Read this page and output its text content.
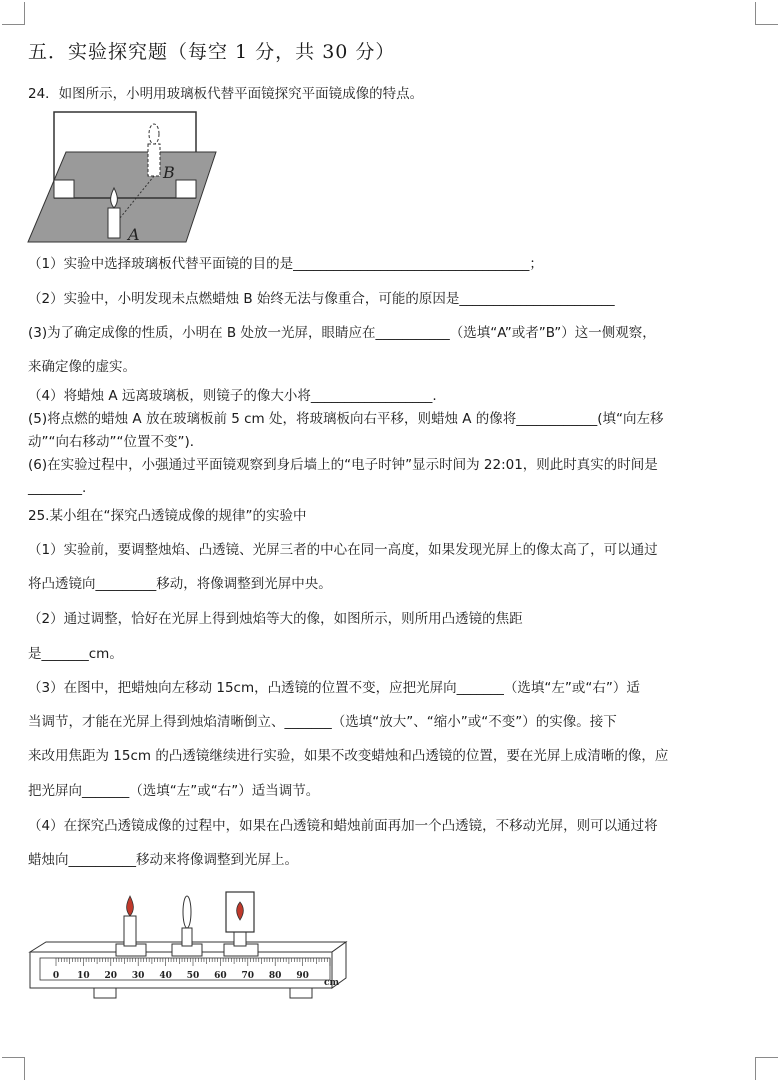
五．实验探究题（每空 1 分，共 30 分）
24．如图所示，小明用玻璃板代替平面镜探究平面镜成像的特点。
B
A
（1）实验中选择玻璃板代替平面镜的目的是___________________________________；
（2）实验中，小明发现未点燃蜡烛 B 始终无法与像重合，可能的原因是_______________________
(3)为了确定成像的性质，小明在 B 处放一光屏，眼睛应在___________（选填“A”或者”B”）这一侧观察，
来确定像的虚实。
（4）将蜡烛 A 远离玻璃板，则镜子的像大小将__________________.
(5)将点燃的蜡烛 A 放在玻璃板前 5 cm 处，将玻璃板向右平移，则蜡烛 A 的像将____________(填“向左移
动”“向右移动”“位置不变”)．
(6)在实验过程中，小强通过平面镜观察到身后墙上的“电子时钟”显示时间为 22:01，则此时真实的时间是
________.
25.某小组在“探究凸透镜成像的规律”的实验中
（1）实验前，要调整烛焰、凸透镜、光屏三者的中心在同一高度，如果发现光屏上的像太高了，可以通过
将凸透镜向_________移动，将像调整到光屏中央。
（2）通过调整，恰好在光屏上得到烛焰等大的像，如图所示，则所用凸透镜的焦距
是_______cm。
（3）在图中，把蜡烛向左移动 15cm，凸透镜的位置不变，应把光屏向_______（选填“左”或“右”）适
当调节，才能在光屏上得到烛焰清晰倒立、_______（选填“放大”、“缩小”或“不变”）的实像。接下
来改用焦距为 15cm 的凸透镜继续进行实验，如果不改变蜡烛和凸透镜的位置，要在光屏上成清晰的像，应
把光屏向_______（选填“左”或“右”）适当调节。
（4）在探究凸透镜成像的过程中，如果在凸透镜和蜡烛前面再加一个凸透镜，不移动光屏，则可以通过将
蜡烛向__________移动来将像调整到光屏上。
0 10 20 30 40 50 60 70 80 90
cm
